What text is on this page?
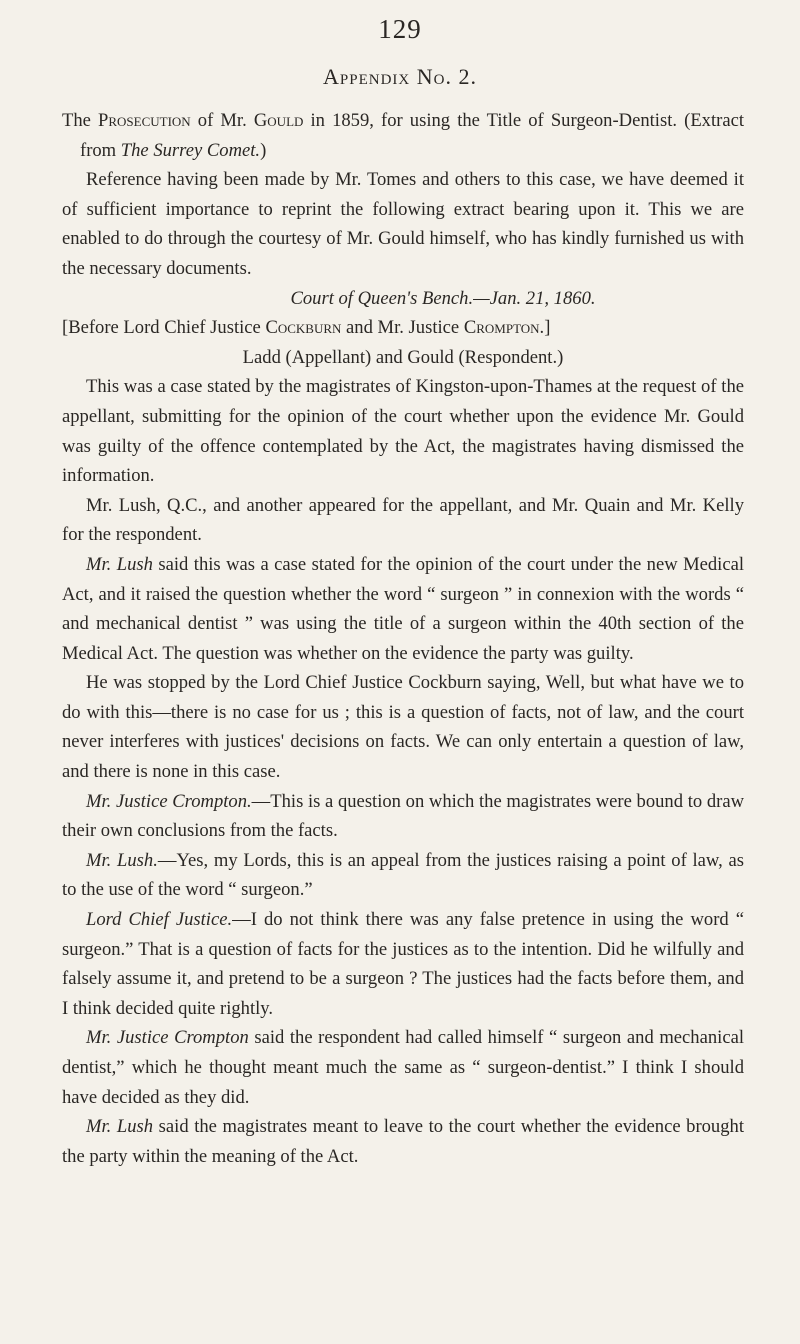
129
Appendix No. 2.

The Prosecution of Mr. Gould in 1859, for using the Title of Surgeon-Dentist. (Extract from The Surrey Comet.)

Reference having been made by Mr. Tomes and others to this case, we have deemed it of sufficient importance to reprint the following extract bearing upon it. This we are enabled to do through the courtesy of Mr. Gould himself, who has kindly furnished us with the necessary documents.

Court of Queen's Bench.—Jan. 21, 1860.

[Before Lord Chief Justice Cockburn and Mr. Justice Crompton.]

Ladd (Appellant) and Gould (Respondent.)

This was a case stated by the magistrates of Kingston-upon-Thames at the request of the appellant, submitting for the opinion of the court whether upon the evidence Mr. Gould was guilty of the offence contemplated by the Act, the magistrates having dismissed the information.

Mr. Lush, Q.C., and another appeared for the appellant, and Mr. Quain and Mr. Kelly for the respondent.

Mr. Lush said this was a case stated for the opinion of the court under the new Medical Act, and it raised the question whether the word “ surgeon ” in connexion with the words “ and mechanical dentist ” was using the title of a surgeon within the 40th section of the Medical Act. The question was whether on the evidence the party was guilty.

He was stopped by the Lord Chief Justice Cockburn saying, Well, but what have we to do with this—there is no case for us ; this is a question of facts, not of law, and the court never interferes with justices' decisions on facts. We can only entertain a question of law, and there is none in this case.

Mr. Justice Crompton.—This is a question on which the magistrates were bound to draw their own conclusions from the facts.

Mr. Lush.—Yes, my Lords, this is an appeal from the justices raising a point of law, as to the use of the word “ surgeon.”

Lord Chief Justice.—I do not think there was any false pretence in using the word “ surgeon.” That is a question of facts for the justices as to the intention. Did he wilfully and falsely assume it, and pretend to be a surgeon ? The justices had the facts before them, and I think decided quite rightly.

Mr. Justice Crompton said the respondent had called himself “ surgeon and mechanical dentist,” which he thought meant much the same as “ surgeon-dentist.” I think I should have decided as they did.

Mr. Lush said the magistrates meant to leave to the court whether the evidence brought the party within the meaning of the Act.
